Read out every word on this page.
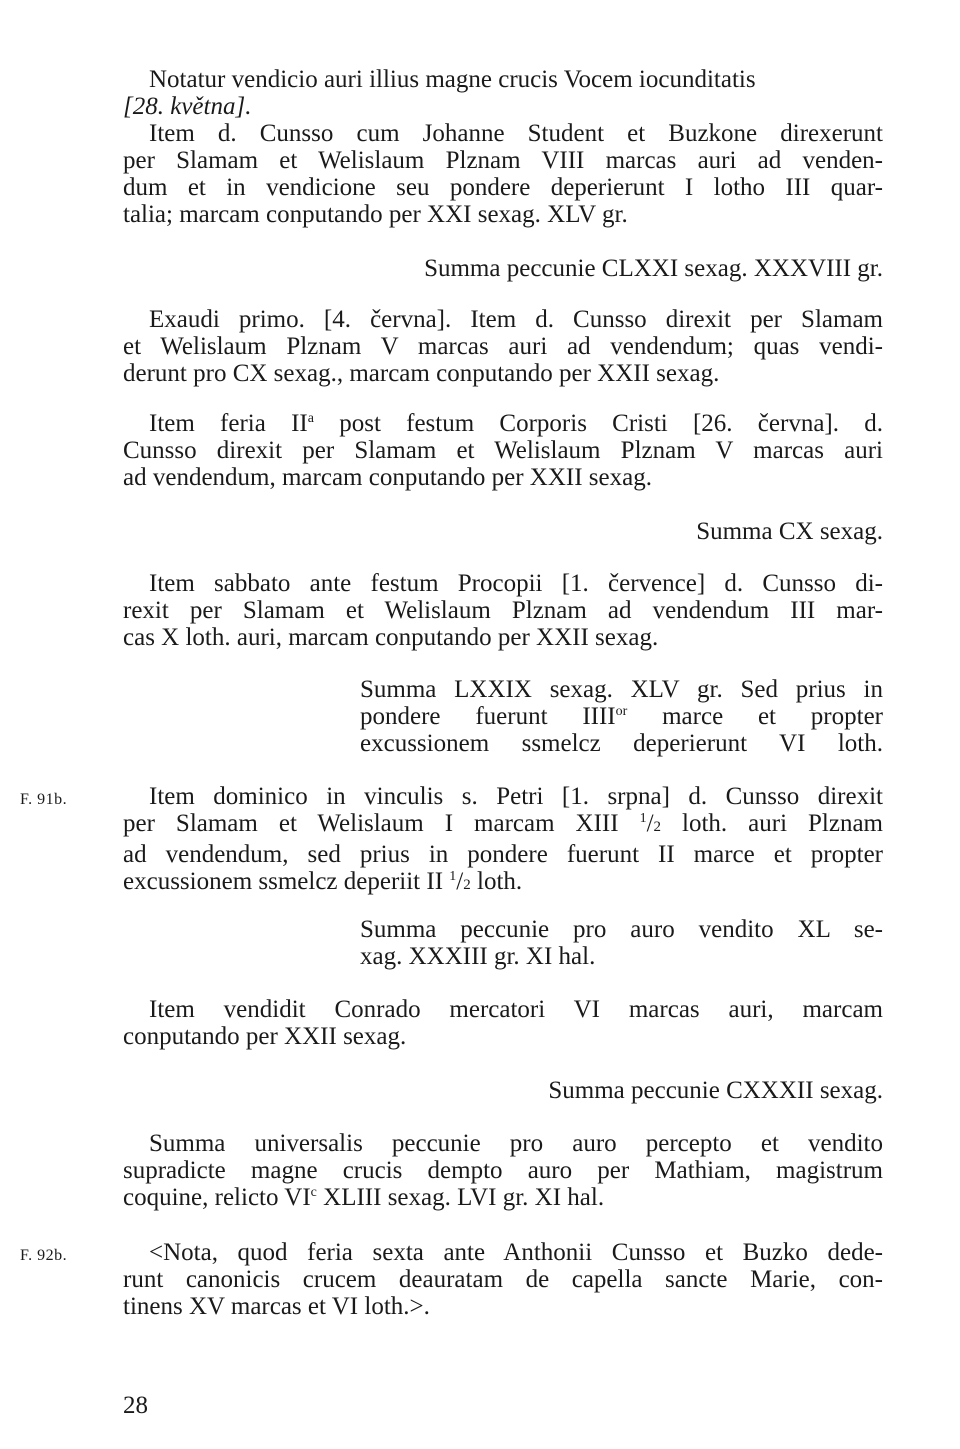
Notatur vendicio auri illius magne crucis Vocem iocunditatis
[28. května].
Item d. Cunsso cum Johanne Student et Buzkone direxerunt
per Slamam et Welislaum Plznam VIII marcas auri ad venden-
dum et in vendicione seu pondere deperierunt I lotho III quar-
talia; marcam conputando per XXI sexag. XLV gr.
Summa peccunie CLXXI sexag. XXXVIII gr.
Exaudi primo. [4. června]. Item d. Cunsso direxit per Slamam
et Welislaum Plznam V marcas auri ad vendendum; quas vendi-
derunt pro CX sexag., marcam conputando per XXII sexag.
Item feria $II^a$ post festum Corporis Cristi [26. června]. d.
Cunsso direxit per Slamam et Welislaum Plznam V marcas auri
ad vendendum, marcam conputando per XXII sexag.
Summa CX sexag.
Item sabbato ante festum Procopii [1. července] d. Cunsso di-
rexit per Slamam et Welislaum Plznam ad vendendum III mar-
cas X loth. auri, marcam conputando per XXII sexag.
Summa LXXIX sexag. XLV gr. Sed prius in
pondere fuerunt $IIII^{or}$ marce et propter
excussionem ssmelcz deperierunt VI loth.
F. 91b.	Item dominico in vinculis s. Petri [1. srpna] d. Cunsso direxit
per Slamam et Welislaum I marcam XIII $^1$/2 loth. auri Plznam
ad vendendum, sed prius in pondere fuerunt II marce et propter
excussionem ssmelcz deperiit II $^1$/2 loth.
Summa peccunie pro auro vendito XL se-
xag. XXXIII gr. XI hal.
Item vendidit Conrado mercatori VI marcas auri, marcam
conputando per XXII sexag.
Summa peccunie CXXXII sexag.
Summa universalis peccunie pro auro percepto et vendito
supradicte magne crucis dempto auro per Mathiam, magistrum
coquine, relicto $VI^c$ XLIII sexag. LVI gr. XI hal.
F. 92b.	<Nota, quod feria sexta ante Anthonii Cunsso et Buzko dede-
runt canonicis crucem deauratam de capella sancte Marie, con-
tinens XV marcas et VI loth.>.
28
